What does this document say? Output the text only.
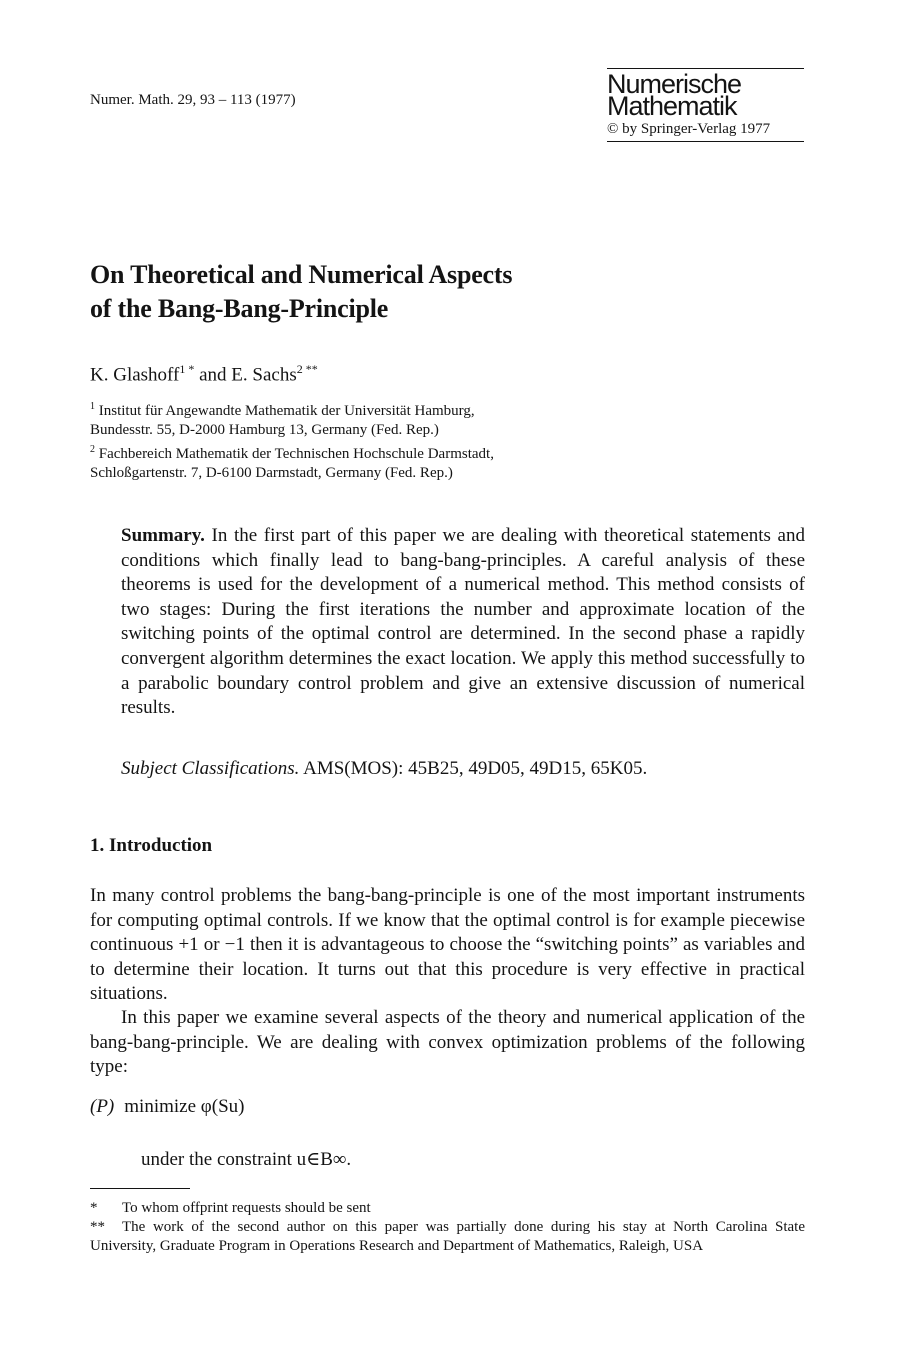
Numer. Math. 29, 93 – 113 (1977)
Numerische
Mathematik
© by Springer-Verlag 1977
On Theoretical and Numerical Aspects
of the Bang-Bang-Principle
K. Glashoff$^{1 *}$ and E. Sachs$^{2 **}$
$^1$ Institut für Angewandte Mathematik der Universität Hamburg,
Bundesstr. 55, D-2000 Hamburg 13, Germany (Fed. Rep.)
$^2$ Fachbereich Mathematik der Technischen Hochschule Darmstadt,
Schloßgartenstr. 7, D-6100 Darmstadt, Germany (Fed. Rep.)
Summary. In the first part of this paper we are dealing with theoretical statements and conditions which finally lead to bang-bang-principles. A careful analysis of these theorems is used for the development of a numerical method. This method consists of two stages: During the first iterations the number and approximate location of the switching points of the optimal control are determined. In the second phase a rapidly convergent algorithm determines the exact location. We apply this method successfully to a parabolic boundary control problem and give an extensive discussion of numerical results.
Subject Classifications. AMS(MOS): 45B25, 49D05, 49D15, 65K05.
1. Introduction
In many control problems the bang-bang-principle is one of the most important instruments for computing optimal controls. If we know that the optimal control is for example piecewise continuous +1 or −1 then it is advantageous to choose the “switching points” as variables and to determine their location. It turns out that this procedure is very effective in practical situations.
In this paper we examine several aspects of the theory and numerical application of the bang-bang-principle. We are dealing with convex optimization problems of the following type:
(P) minimize φ(Su)
under the constraint u∈B∞.
* To whom offprint requests should be sent
** The work of the second author on this paper was partially done during his stay at North Carolina State University, Graduate Program in Operations Research and Department of Mathematics, Raleigh, USA
